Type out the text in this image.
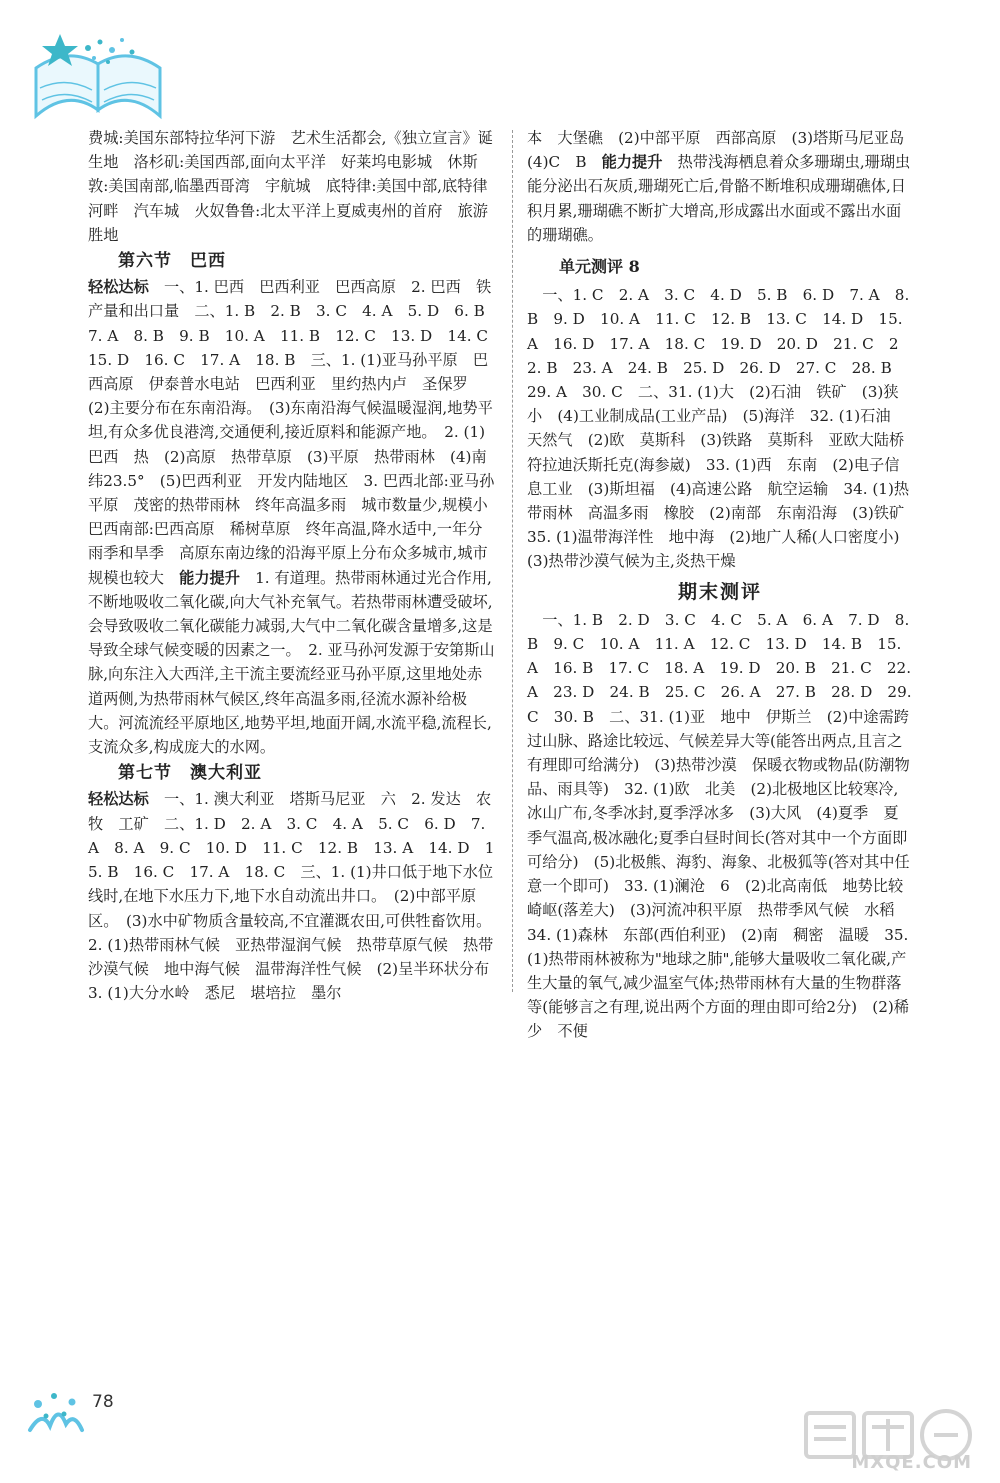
费城:美国东部特拉华河下游　艺术生活都会,《独立宣言》诞生地　洛杉矶:美国西部,面向太平洋　好莱坞电影城　休斯敦:美国南部,临墨西哥湾　宇航城　底特律:美国中部,底特律河畔　汽车城　火奴鲁鲁:北太平洋上夏威夷州的首府　旅游胜地

第六节　巴西

轻松达标　一、1. 巴西　巴西利亚　巴西高原　2. 巴西　铁　产量和出口量　二、1. B　2. B　3. C　4. A　5. D　6. B　7. A　8. B　9. B　10. A　11. B　12. C　13. D　14. C　15. D　16. C　17. A　18. B　三、1. (1)亚马孙平原　巴西高原　伊泰普水电站　巴西利亚　里约热内卢　圣保罗　(2)主要分布在东南沿海。　(3)东南沿海气候温暖湿润,地势平坦,有众多优良港湾,交通便利,接近原料和能源产地。　2. (1)巴西　热　(2)高原　热带草原　(3)平原　热带雨林　(4)南纬23.5°　(5)巴西利亚　开发内陆地区　3. 巴西北部:亚马孙平原　茂密的热带雨林　终年高温多雨　城市数量少,规模小　巴西南部:巴西高原　稀树草原　终年高温,降水适中,一年分雨季和旱季　高原东南边缘的沿海平原上分布众多城市,城市规模也较大　能力提升　1. 有道理。热带雨林通过光合作用,不断地吸收二氧化碳,向大气补充氧气。若热带雨林遭受破坏,会导致吸收二氧化碳能力减弱,大气中二氧化碳含量增多,这是导致全球气候变暖的因素之一。　2. 亚马孙河发源于安第斯山脉,向东注入大西洋,主干流主要流经亚马孙平原,这里地处赤道两侧,为热带雨林气候区,终年高温多雨,径流水源补给极大。河流流经平原地区,地势平坦,地面开阔,水流平稳,流程长,支流众多,构成庞大的水网。

第七节　澳大利亚

轻松达标　一、1. 澳大利亚　塔斯马尼亚　六　2. 发达　农牧　工矿　二、1. D　2. A　3. C　4. A　5. C　6. D　7. A　8. A　9. C　10. D　11. C　12. B　13. A　14. D　15. B　16. C　17. A　18. C　三、1. (1)井口低于地下水位线时,在地下水压力下,地下水自动流出井口。　(2)中部平原区。　(3)水中矿物质含量较高,不宜灌溉农田,可供牲畜饮用。　2. (1)热带雨林气候　亚热带湿润气候　热带草原气候　热带沙漠气候　地中海气候　温带海洋性气候　(2)呈半环状分布　3. (1)大分水岭　悉尼　堪培拉　墨尔

本　大堡礁　(2)中部平原　西部高原　(3)塔斯马尼亚岛　(4)C　B　能力提升　热带浅海栖息着众多珊瑚虫,珊瑚虫能分泌出石灰质,珊瑚死亡后,骨骼不断堆积成珊瑚礁体,日积月累,珊瑚礁不断扩大增高,形成露出水面或不露出水面的珊瑚礁。

单元测评 8

　一、1. C　2. A　3. C　4. D　5. B　6. D　7. A　8. B　9. D　10. A　11. C　12. B　13. C　14. D　15. A　16. D　17. A　18. C　19. D　20. D　21. C　22. B　23. A　24. B　25. D　26. D　27. C　28. B　29. A　30. C　二、31. (1)大　(2)石油　铁矿　(3)狭小　(4)工业制成品(工业产品)　(5)海洋　32. (1)石油　天然气　(2)欧　莫斯科　(3)铁路　莫斯科　亚欧大陆桥　符拉迪沃斯托克(海参崴)　33. (1)西　东南　(2)电子信息工业　(3)斯坦福　(4)高速公路　航空运输　34. (1)热带雨林　高温多雨　橡胶　(2)南部　东南沿海　(3)铁矿　35. (1)温带海洋性　地中海　(2)地广人稀(人口密度小)　(3)热带沙漠气候为主,炎热干燥

期末测评

　一、1. B　2. D　3. C　4. C　5. A　6. A　7. D　8. B　9. C　10. A　11. A　12. C　13. D　14. B　15. A　16. B　17. C　18. A　19. D　20. B　21. C　22. A　23. D　24. B　25. C　26. A　27. B　28. D　29. C　30. B　二、31. (1)亚　地中　伊斯兰　(2)中途需跨过山脉、路途比较远、气候差异大等(能答出两点,且言之有理即可给满分)　(3)热带沙漠　保暖衣物或物品(防潮物品、雨具等)　32. (1)欧　北美　(2)北极地区比较寒冷,冰山广布,冬季冰封,夏季浮冰多　(3)大风　(4)夏季　夏季气温高,极冰融化;夏季白昼时间长(答对其中一个方面即可给分)　(5)北极熊、海豹、海象、北极狐等(答对其中任意一个即可)　33. (1)澜沧　6　(2)北高南低　地势比较崎岖(落差大)　(3)河流冲积平原　热带季风气候　水稻　34. (1)森林　东部(西伯利亚)　(2)南　稠密　温暖　35. (1)热带雨林被称为"地球之肺",能够大量吸收二氧化碳,产生大量的氧气,减少温室气体;热带雨林有大量的生物群落等(能够言之有理,说出两个方面的理由即可给2分)　(2)稀少　不便

78
MXQE.COM
